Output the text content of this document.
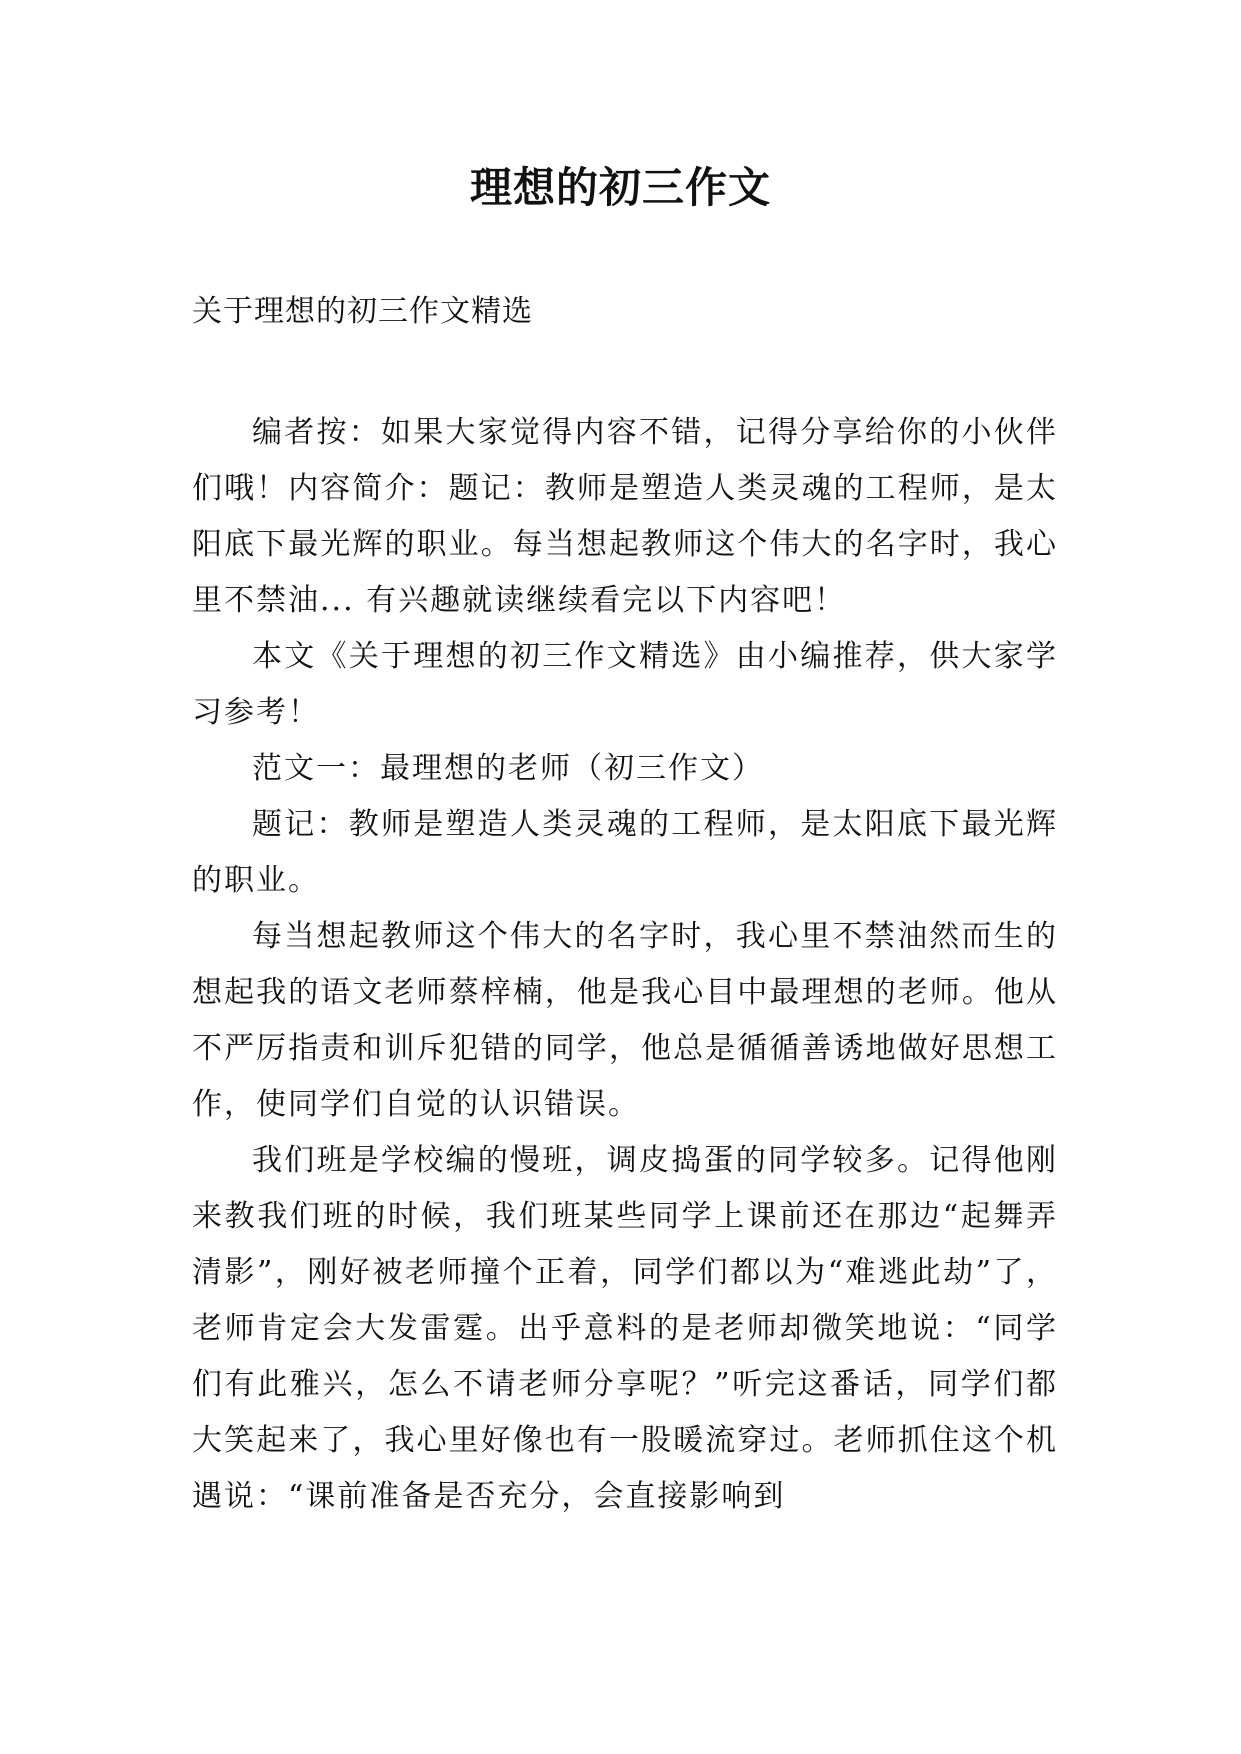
理想的初三作文
关于理想的初三作文精选

编者按：如果大家觉得内容不错，记得分享给你的小伙伴们哦！内容简介：题记：教师是塑造人类灵魂的工程师，是太阳底下最光辉的职业。每当想起教师这个伟大的名字时，我心里不禁油... 有兴趣就读继续看完以下内容吧！

本文《关于理想的初三作文精选》由小编推荐，供大家学习参考！

范文一：最理想的老师（初三作文）

题记：教师是塑造人类灵魂的工程师，是太阳底下最光辉的职业。

每当想起教师这个伟大的名字时，我心里不禁油然而生的想起我的语文老师蔡梓楠，他是我心目中最理想的老师。他从不严厉指责和训斥犯错的同学，他总是循循善诱地做好思想工作，使同学们自觉的认识错误。

我们班是学校编的慢班，调皮捣蛋的同学较多。记得他刚来教我们班的时候，我们班某些同学上课前还在那边“起舞弄清影”，刚好被老师撞个正着，同学们都以为“难逃此劫”了，老师肯定会大发雷霆。出乎意料的是老师却微笑地说：“同学们有此雅兴，怎么不请老师分享呢？”听完这番话，同学们都大笑起来了，我心里好像也有一股暖流穿过。老师抓住这个机遇说：“课前准备是否充分，会直接影响到
